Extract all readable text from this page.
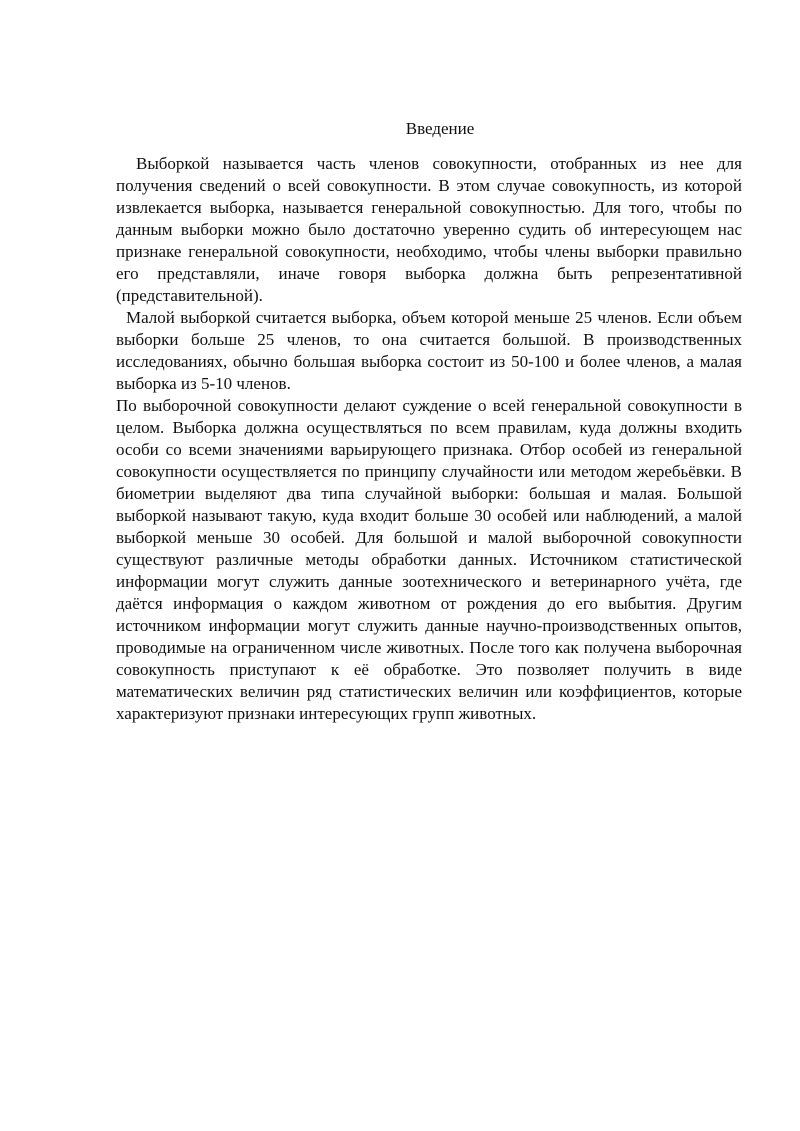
Введение

Выборкой называется часть членов совокупности, отобранных из нее для получения сведений о всей совокупности. В этом случае совокупность, из которой извлекается выборка, называется генеральной совокупностью. Для того, чтобы по данным выборки можно было достаточно уверенно судить об интересующем нас признаке генеральной совокупности, необходимо, чтобы члены выборки правильно его представляли, иначе говоря выборка должна быть репрезентативной (представительной).

Малой выборкой считается выборка, объем которой меньше 25 членов. Если объем выборки больше 25 членов, то она считается большой. В производственных исследованиях, обычно большая выборка состоит из 50-100 и более членов, а малая выборка из 5-10 членов.

По выборочной совокупности делают суждение о всей генеральной совокупности в целом. Выборка должна осуществляться по всем правилам, куда должны входить особи со всеми значениями варьирующего признака. Отбор особей из генеральной совокупности осуществляется по принципу случайности или методом жеребьёвки. В биометрии выделяют два типа случайной выборки: большая и малая. Большой выборкой называют такую, куда входит больше 30 особей или наблюдений, а малой выборкой меньше 30 особей. Для большой и малой выборочной совокупности существуют различные методы обработки данных. Источником статистической информации могут служить данные зоотехнического и ветеринарного учёта, где даётся информация о каждом животном от рождения до его выбытия. Другим источником информации могут служить данные научно-производственных опытов, проводимые на ограниченном числе животных. После того как получена выборочная совокупность приступают к её обработке. Это позволяет получить в виде математических величин ряд статистических величин или коэффициентов, которые характеризуют признаки интересующих групп животных.
